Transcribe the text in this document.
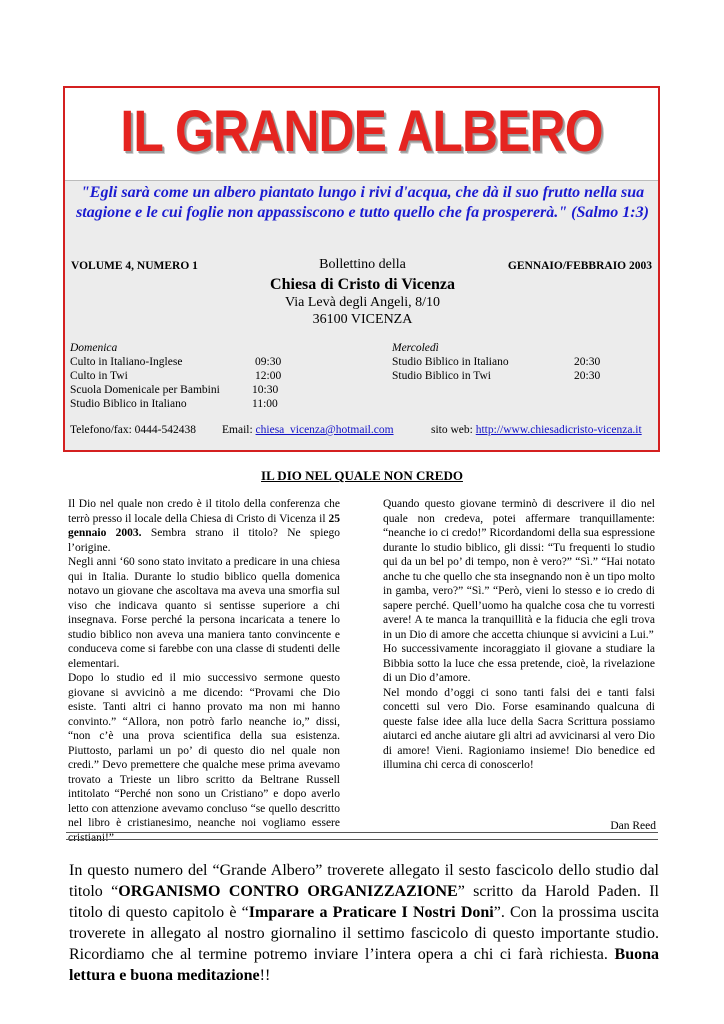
IL GRANDE ALBERO
"Egli sarà come un albero piantato lungo i rivi d'acqua, che dà il suo frutto nella sua stagione e le cui foglie non appassiscono e tutto quello che fa prospererà." (Salmo 1:3)
VOLUME 4, NUMERO 1	Bollettino della	GENNAIO/FEBBRAIO 2003
Chiesa di Cristo di Vicenza
Via Levà degli Angeli, 8/10
36100 VICENZA
Domenica
Culto in Italiano-Inglese	09:30
Culto in Twi	12:00
Scuola Domenicale per Bambini	10:30
Studio Biblico in Italiano	11:00
Mercoledì
Studio Biblico in Italiano	20:30
Studio Biblico in Twi	20:30
Telefono/fax: 0444-542438 Email: chiesa_vicenza@hotmail.com	sito web: http://www.chiesadicristo-vicenza.it
IL DIO NEL QUALE NON CREDO

Il Dio nel quale non credo è il titolo della conferenza che terrò presso il locale della Chiesa di Cristo di Vicenza il 25 gennaio 2003. Sembra strano il titolo? Ne spiego l’origine.

Negli anni ‘60 sono stato invitato a predicare in una chiesa qui in Italia. Durante lo studio biblico quella domenica notavo un giovane che ascoltava ma aveva una smorfia sul viso che indicava quanto si sentisse superiore a chi insegnava. Forse perché la persona incaricata a tenere lo studio biblico non aveva una maniera tanto convincente e conduceva come si farebbe con una classe di studenti delle elementari.

Dopo lo studio ed il mio successivo sermone questo giovane si avvicinò a me dicendo: “Provami che Dio esiste. Tanti altri ci hanno provato ma non mi hanno convinto.” “Allora, non potrò farlo neanche io,” dissi, “non c’è una prova scientifica della sua esistenza. Piuttosto, parlami un po’ di questo dio nel quale non credi.” Devo premettere che qualche mese prima avevamo trovato a Trieste un libro scritto da Beltrane Russell intitolato “Perché non sono un Cristiano” e dopo averlo letto con attenzione avevamo concluso “se quello descritto nel libro è cristianesimo, neanche noi vogliamo essere cristiani!”

Quando questo giovane terminò di descrivere il dio nel quale non credeva, potei affermare tranquillamente: “neanche io ci credo!” Ricordandomi della sua espressione durante lo studio biblico, gli dissi: “Tu frequenti lo studio qui da un bel po’ di tempo, non è vero?” “Sì.” “Hai notato anche tu che quello che sta insegnando non è un tipo molto in gamba, vero?” “Sì.” “Però, vieni lo stesso e io credo di sapere perché. Quell’uomo ha qualche cosa che tu vorresti avere! A te manca la tranquillità e la fiducia che egli trova in un Dio di amore che accetta chiunque si avvicini a Lui.”

Ho successivamente incoraggiato il giovane a studiare la Bibbia sotto la luce che essa pretende, cioè, la rivelazione di un Dio d’amore.

Nel mondo d’oggi ci sono tanti falsi dei e tanti falsi concetti sul vero Dio. Forse esaminando qualcuna di queste false idee alla luce della Sacra Scrittura possiamo aiutarci ed anche aiutare gli altri ad avvicinarsi al vero Dio di amore! Vieni. Ragioniamo insieme! Dio benedice ed illumina chi cerca di conoscerlo!

Dan Reed
In questo numero del “Grande Albero” troverete allegato il sesto fascicolo dello studio dal titolo “ORGANISMO CONTRO ORGANIZZAZIONE” scritto da Harold Paden. Il titolo di questo capitolo è “Imparare a Praticare I Nostri Doni”. Con la prossima uscita troverete in allegato al nostro giornalino il settimo fascicolo di questo importante studio. Ricordiamo che al termine potremo inviare l’intera opera a chi ci farà richiesta. Buona lettura e buona meditazione!!
